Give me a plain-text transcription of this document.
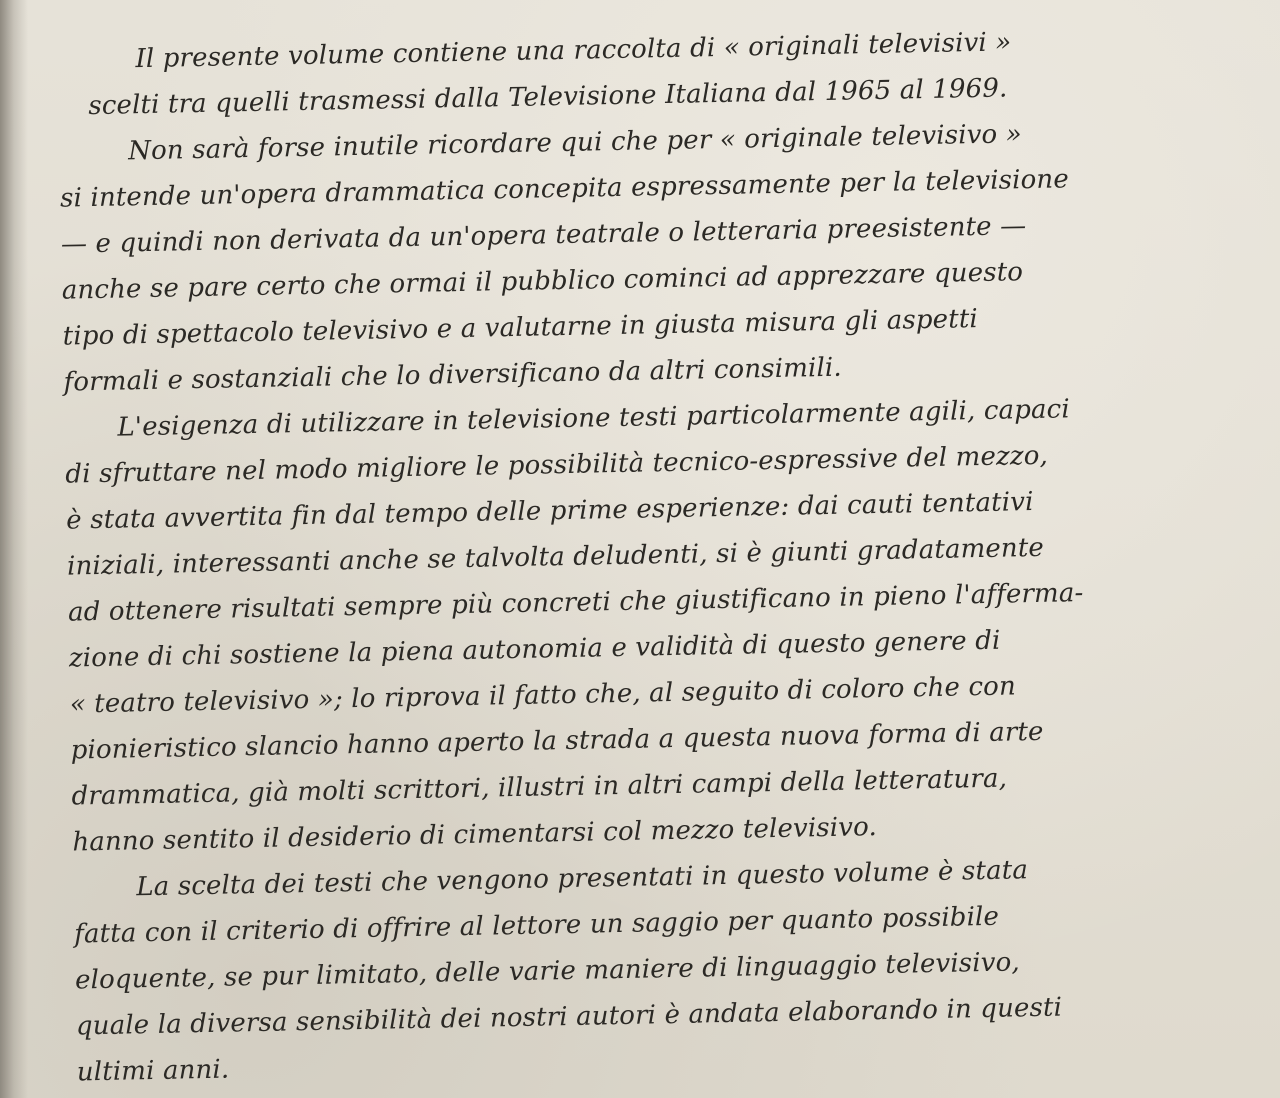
Il presente volume contiene una raccolta di « originali televisivi »
scelti tra quelli trasmessi dalla Televisione Italiana dal 1965 al 1969.
Non sarà forse inutile ricordare qui che per « originale televisivo »
si intende un'opera drammatica concepita espressamente per la televisione
— e quindi non derivata da un'opera teatrale o letteraria preesistente —
anche se pare certo che ormai il pubblico cominci ad apprezzare questo
tipo di spettacolo televisivo e a valutarne in giusta misura gli aspetti
formali e sostanziali che lo diversificano da altri consimili.
L'esigenza di utilizzare in televisione testi particolarmente agili, capaci
di sfruttare nel modo migliore le possibilità tecnico-espressive del mezzo,
è stata avvertita fin dal tempo delle prime esperienze: dai cauti tentativi
iniziali, interessanti anche se talvolta deludenti, si è giunti gradatamente
ad ottenere risultati sempre più concreti che giustificano in pieno l'afferma-
zione di chi sostiene la piena autonomia e validità di questo genere di
« teatro televisivo »; lo riprova il fatto che, al seguito di coloro che con
pionieristico slancio hanno aperto la strada a questa nuova forma di arte
drammatica, già molti scrittori, illustri in altri campi della letteratura,
hanno sentito il desiderio di cimentarsi col mezzo televisivo.
La scelta dei testi che vengono presentati in questo volume è stata
fatta con il criterio di offrire al lettore un saggio per quanto possibile
eloquente, se pur limitato, delle varie maniere di linguaggio televisivo,
quale la diversa sensibilità dei nostri autori è andata elaborando in questi
ultimi anni.
